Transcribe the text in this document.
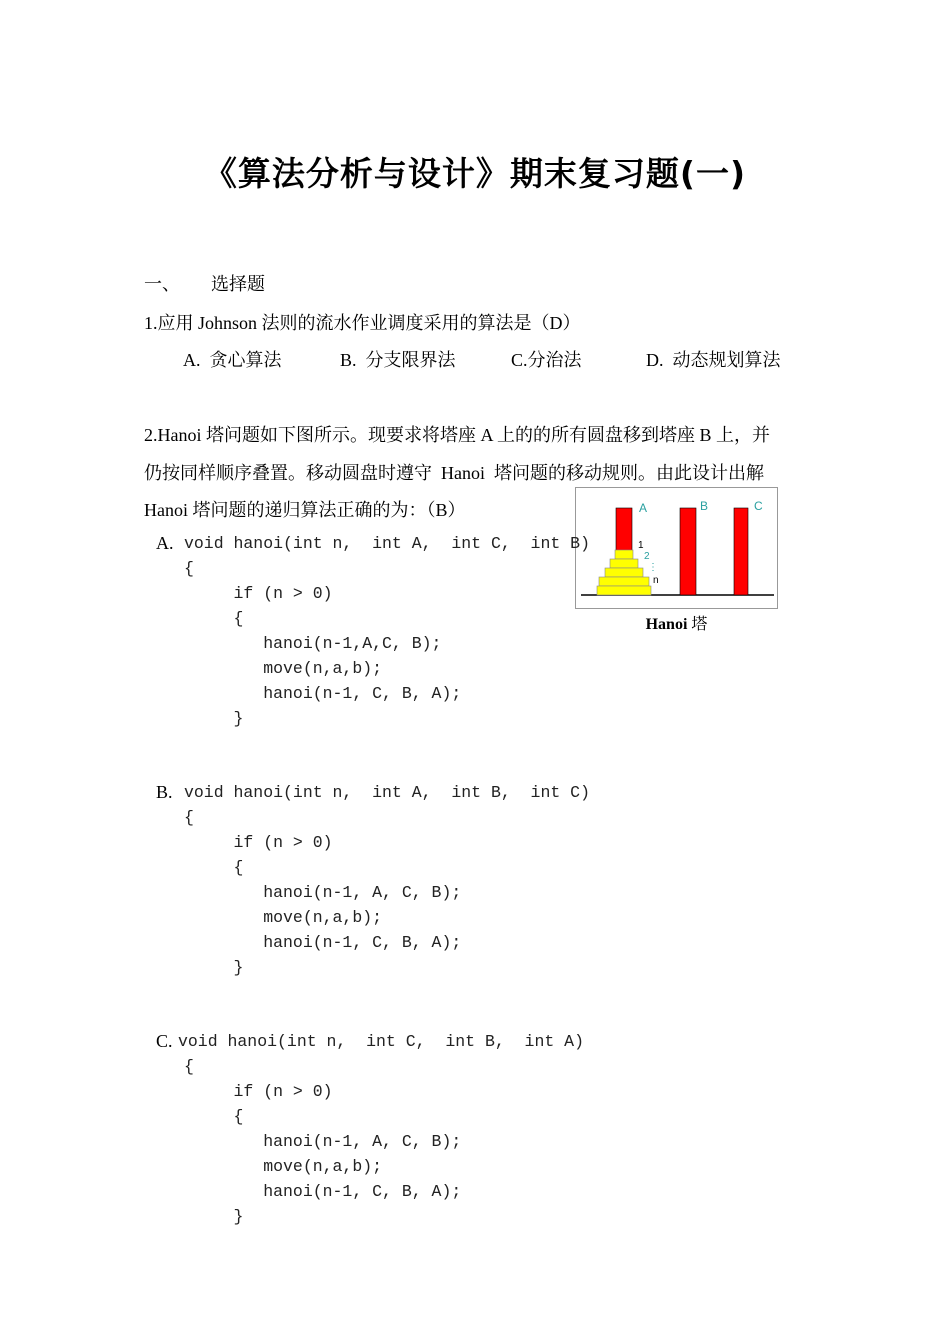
《算法分析与设计》期末复习题(一)
一、 选择题
1.应用 Johnson 法则的流水作业调度采用的算法是（D）
A.  贪心算法	B.  分支限界法	C.分治法	D.  动态规划算法
2.Hanoi 塔问题如下图所示。现要求将塔座 A 上的的所有圆盘移到塔座 B 上，并
仍按同样顺序叠置。移动圆盘时遵守  Hanoi  塔问题的移动规则。由此设计出解
Hanoi 塔问题的递归算法正确的为：（B）	A	B	C
1
2
⋮
n
Hanoi 塔
A. void hanoi(int n,  int A,  int C,  int B)
{
if (n > 0)
{
hanoi(n-1,A,C, B);
move(n,a,b);
hanoi(n-1, C, B, A);
}
B. void hanoi(int n,  int A,  int B,  int C)
{
if (n > 0)
{
hanoi(n-1, A, C, B);
move(n,a,b);
hanoi(n-1, C, B, A);
}
C. void hanoi(int n,  int C,  int B,  int A)
{
if (n > 0)
{
hanoi(n-1, A, C, B);
move(n,a,b);
hanoi(n-1, C, B, A);
}
